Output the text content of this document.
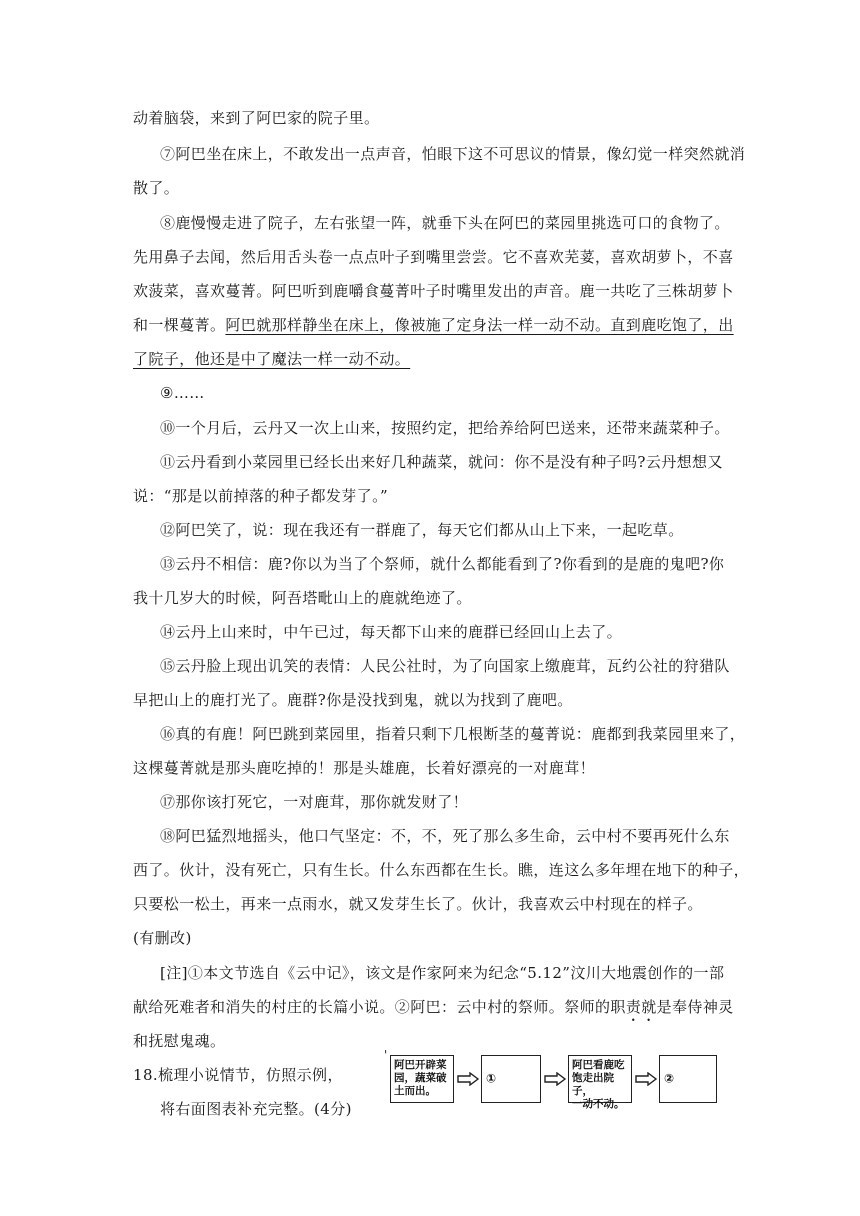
动着脑袋，来到了阿巴家的院子里。
⑦阿巴坐在床上，不敢发出一点声音，怕眼下这不可思议的情景，像幻觉一样突然就消
散了。
⑧鹿慢慢走进了院子，左右张望一阵，就垂下头在阿巴的菜园里挑选可口的食物了。
先用鼻子去闻，然后用舌头卷一点点叶子到嘴里尝尝。它不喜欢芜荽，喜欢胡萝卜，不喜
欢菠菜，喜欢蔓菁。阿巴听到鹿嚼食蔓菁叶子时嘴里发出的声音。鹿一共吃了三株胡萝卜
和一棵蔓菁。阿巴就那样静坐在床上，像被施了定身法一样一动不动。直到鹿吃饱了，出
了院子，他还是中了魔法一样一动不动。
⑨……
⑩一个月后，云丹又一次上山来，按照约定，把给养给阿巴送来，还带来蔬菜种子。
⑪云丹看到小菜园里已经长出来好几种蔬菜，就问：你不是没有种子吗?云丹想想又
说：“那是以前掉落的种子都发芽了。”
⑫阿巴笑了，说：现在我还有一群鹿了，每天它们都从山上下来，一起吃草。
⑬云丹不相信：鹿?你以为当了个祭师，就什么都能看到了?你看到的是鹿的鬼吧?你
我十几岁大的时候，阿吾塔毗山上的鹿就绝迹了。
⑭云丹上山来时，中午已过，每天都下山来的鹿群已经回山上去了。
⑮云丹脸上现出讥笑的表情：人民公社时，为了向国家上缴鹿茸，瓦约公社的狩猎队
早把山上的鹿打光了。鹿群?你是没找到鬼，就以为找到了鹿吧。
⑯真的有鹿！阿巴跳到菜园里，指着只剩下几根断茎的蔓菁说：鹿都到我菜园里来了，
这棵蔓菁就是那头鹿吃掉的！那是头雄鹿，长着好漂亮的一对鹿茸！
⑰那你该打死它，一对鹿茸，那你就发财了！
⑱阿巴猛烈地摇头，他口气坚定：不，不，死了那么多生命，云中村不要再死什么东
西了。伙计，没有死亡，只有生长。什么东西都在生长。瞧，连这么多年埋在地下的种子，
只要松一松土，再来一点雨水，就又发芽生长了。伙计，我喜欢云中村现在的样子。
(有删改)
[注]①本文节选自《云中记》，该文是作家阿来为纪念“5.12”汶川大地震创作的一部
献给死难者和消失的村庄的长篇小说。②阿巴：云中村的祭师。祭师的职责就是奉侍神灵
和抚慰鬼魂。
18.梳理小说情节，仿照示例，
将右面图表补充完整。(4分)
'
阿巴开辟菜
园，蔬菜破
土而出。
①
阿巴看鹿吃
饱走出院子，
一动不动。
②
